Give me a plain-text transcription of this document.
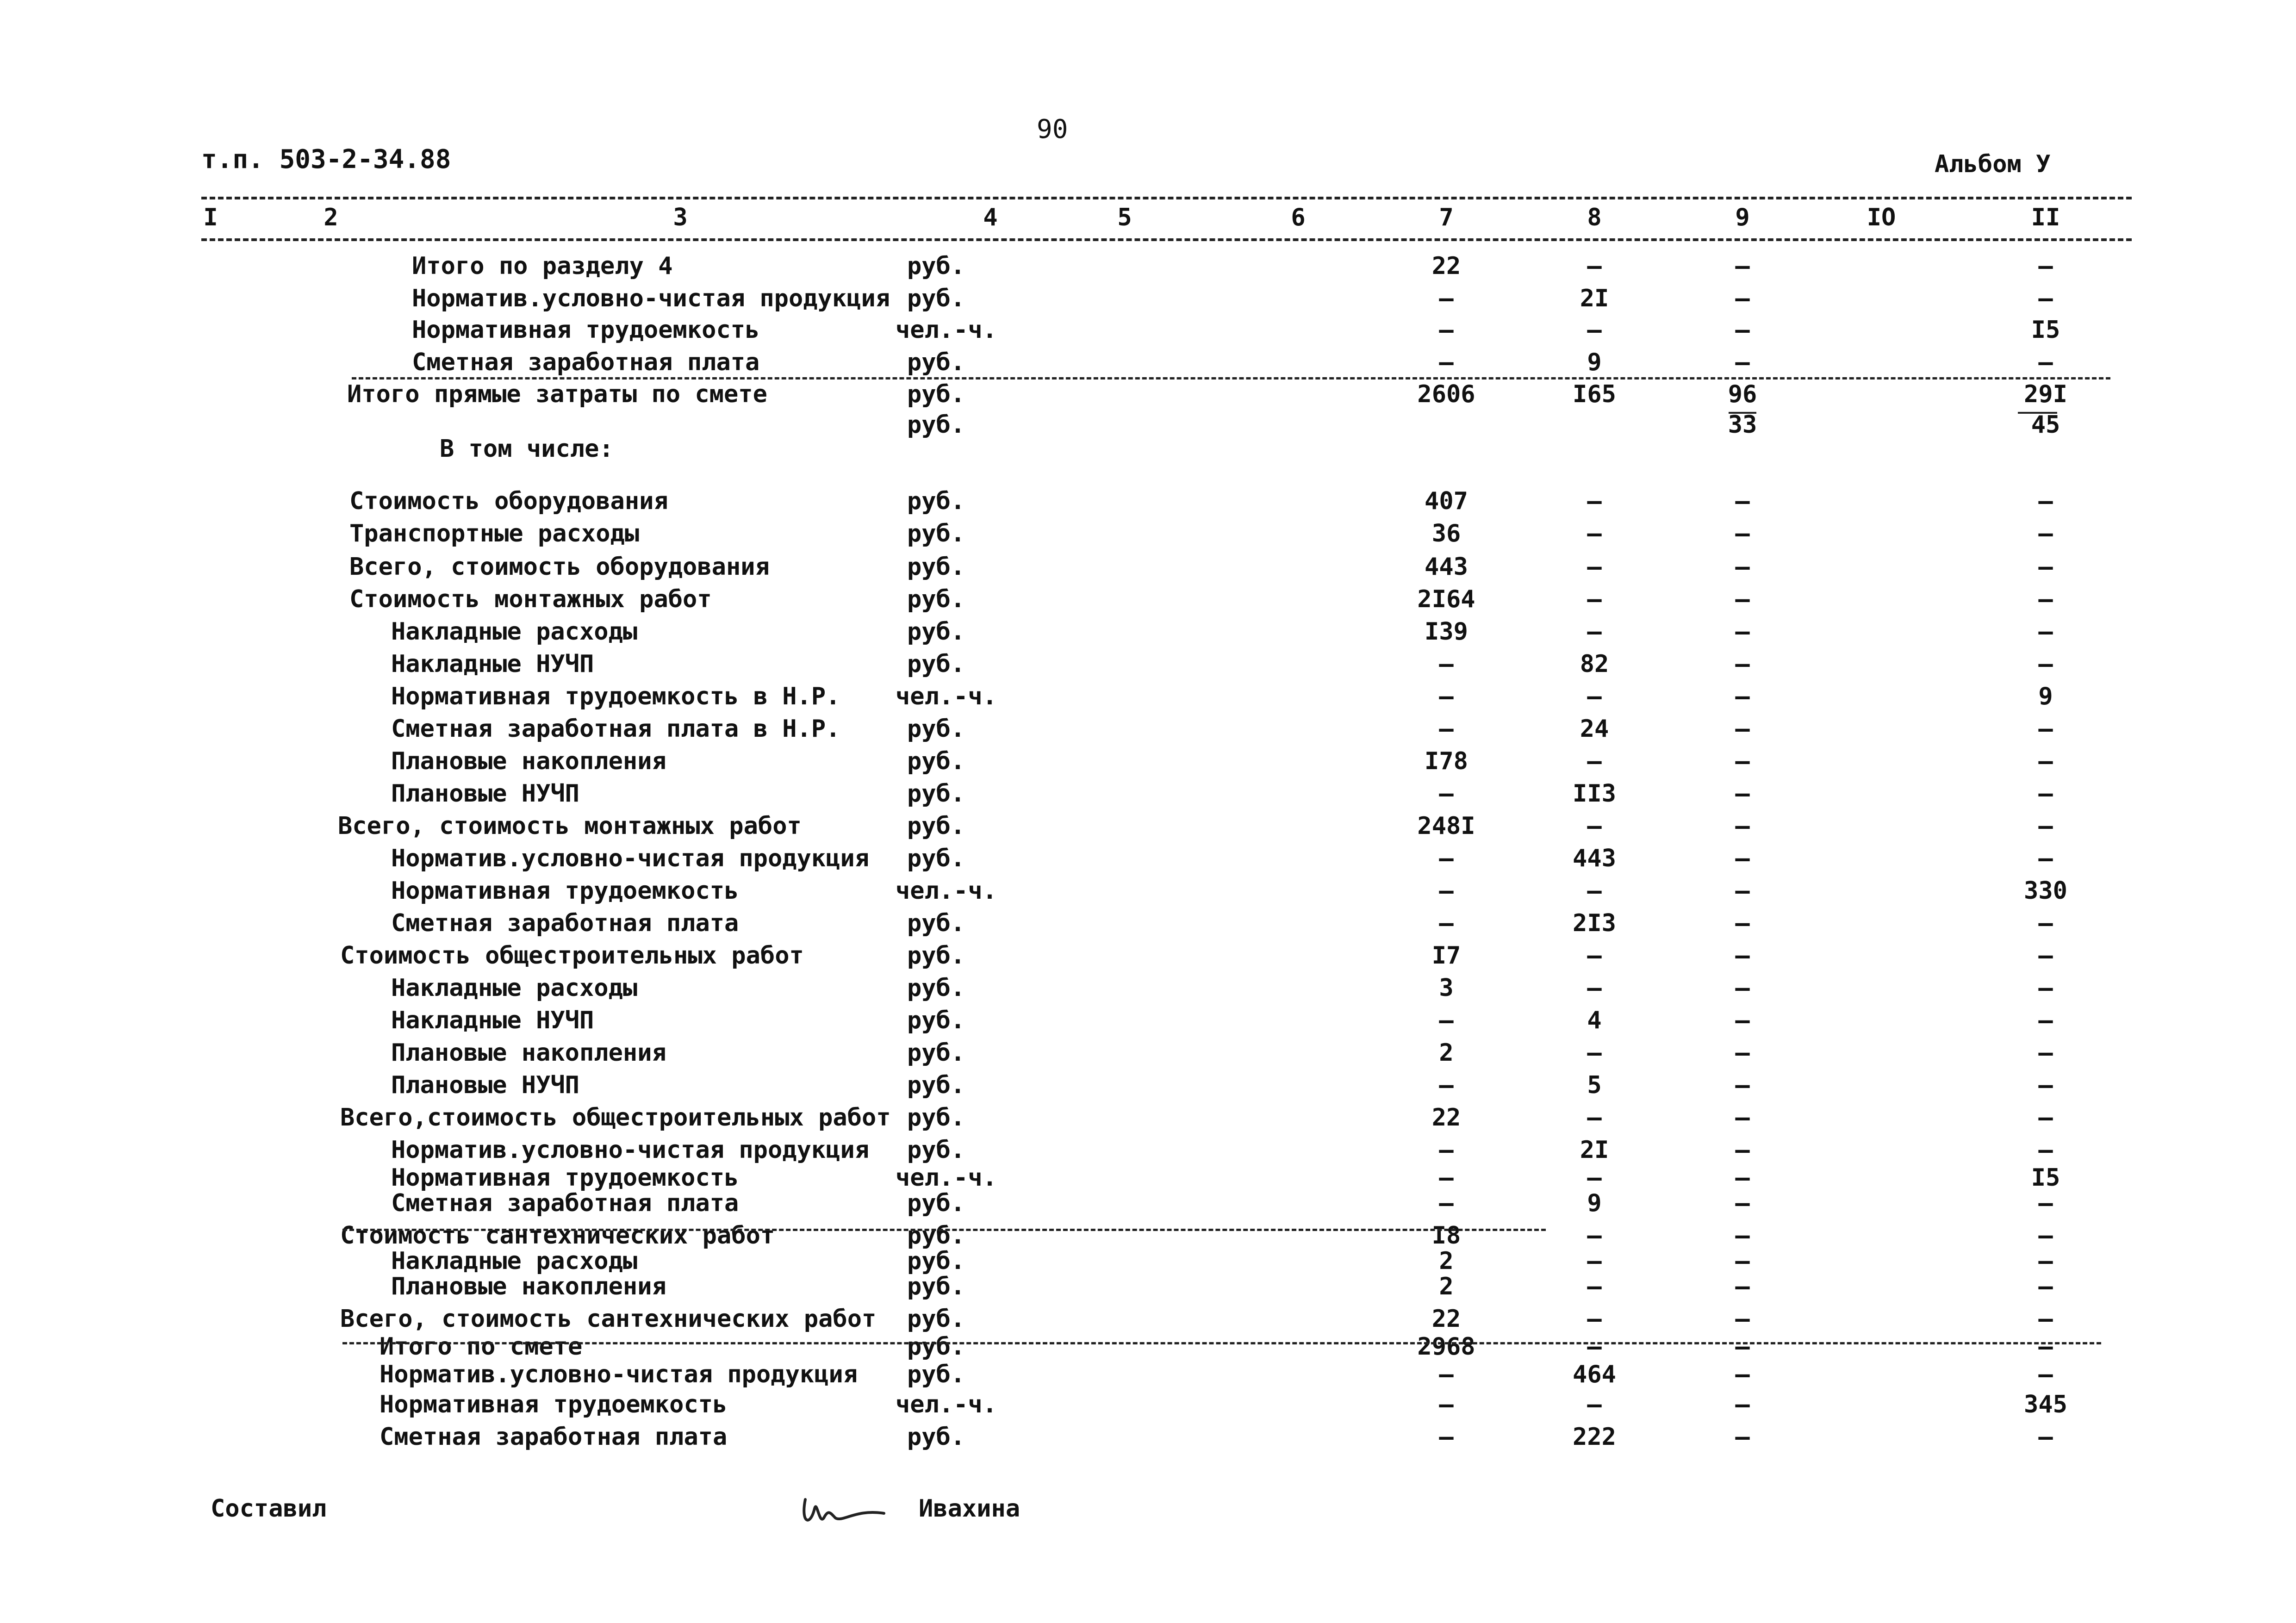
90
т.п. 503-2-34.88	Альбом У
I	2	3	4	5	6	7	8	9	IO	II
Итого по разделу 4	руб.	22	–	–	–
Норматив.условно-чистая продукция руб.	–	2I	–	–
Нормативная трудоемкость	чел.-ч.	–	–	–	I5
Сметная заработная плата	руб.	–	9	–	–
Итого прямые затраты по смете	руб.	2606	I65	96	29I
руб.	33	45
В том числе:
Стоимость оборудования	руб.	407	–	–	–
Транспортные расходы	руб.	36	–	–	–
Всего, стоимость оборудования	руб.	443	–	–	–
Стоимость монтажных работ	руб.	2I64	–	–	–
Накладные расходы	руб.	I39	–	–	–
Накладные НУЧП	руб.	–	82	–	–
Нормативная трудоемкость в Н.Р. чел.-ч.	–	–	–	9
Сметная заработная плата в Н.Р.	руб.	–	24	–	–
Плановые накопления	руб.	I78	–	–	–
Плановые НУЧП	руб.	–	II3	–	–
Всего, стоимость монтажных работ	руб.	248I	–	–	–
Норматив.условно-чистая продукция руб.	–	443	–	–
Нормативная трудоемкость	чел.-ч.	–	–	–	330
Сметная заработная плата	руб.	–	2I3	–	–
Стоимость общестроительных работ	руб.	I7	–	–	–
Накладные расходы	руб.	3	–	–	–
Накладные НУЧП	руб.	–	4	–	–
Плановые накопления	руб.	2	–	–	–
Плановые НУЧП	руб.	–	5	–	–
Всего,стоимость общестроительных работ руб.	22	–	–	–
Норматив.условно-чистая продукция руб.	–	2I	–	–
Нормативная трудоемкость	чел.-ч.	–	–	–	I5
Сметная заработная плата	руб.	–	9	–	–
Стоимость сантехнических работ	руб.	I8	–	–	–
Накладные расходы	руб.	2	–	–	–
Плановые накопления	руб.	2	–	–	–
Всего, стоимость сантехнических работ руб.	22	–	–	–
Итого по смете	руб.	2968	–	–	–
Норматив.условно-чистая продукция руб.	–	464	–	–
Нормативная трудоемкость	чел.-ч.	–	–	–	345
Сметная заработная плата	руб.	–	222	–	–
Составил	Ивахина
